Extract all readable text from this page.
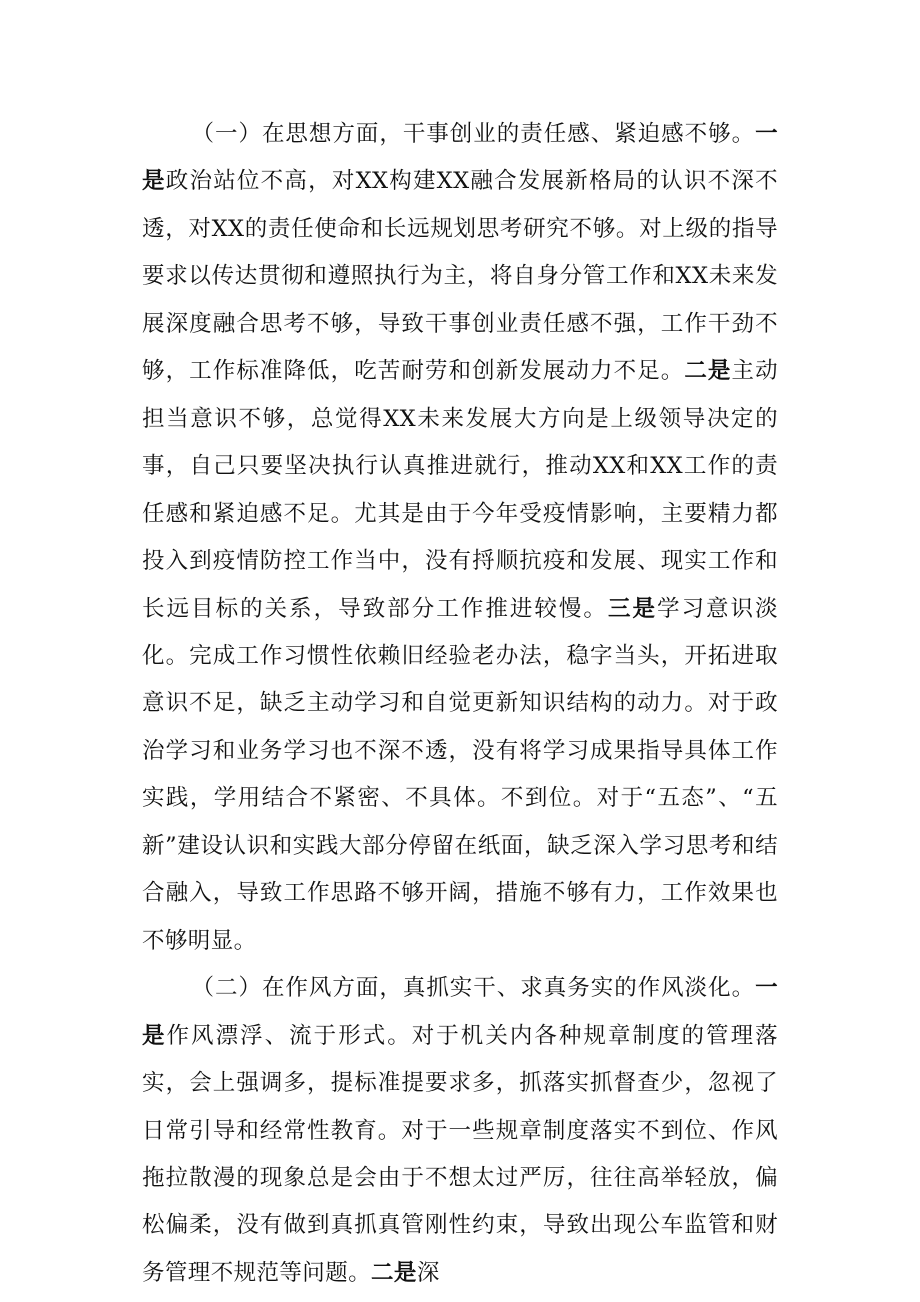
（一）在思想方面，干事创业的责任感、紧迫感不够。一是政治站位不高，对XX构建XX融合发展新格局的认识不深不透，对XX的责任使命和长远规划思考研究不够。对上级的指导要求以传达贯彻和遵照执行为主，将自身分管工作和XX未来发展深度融合思考不够，导致干事创业责任感不强，工作干劲不够，工作标准降低，吃苦耐劳和创新发展动力不足。二是主动担当意识不够，总觉得XX未来发展大方向是上级领导决定的事，自己只要坚决执行认真推进就行，推动XX和XX工作的责任感和紧迫感不足。尤其是由于今年受疫情影响，主要精力都投入到疫情防控工作当中，没有捋顺抗疫和发展、现实工作和长远目标的关系，导致部分工作推进较慢。三是学习意识淡化。完成工作习惯性依赖旧经验老办法，稳字当头，开拓进取意识不足，缺乏主动学习和自觉更新知识结构的动力。对于政治学习和业务学习也不深不透，没有将学习成果指导具体工作实践，学用结合不紧密、不具体。不到位。对于“五态”、“五新”建设认识和实践大部分停留在纸面，缺乏深入学习思考和结合融入，导致工作思路不够开阔，措施不够有力，工作效果也不够明显。

（二）在作风方面，真抓实干、求真务实的作风淡化。一是作风漂浮、流于形式。对于机关内各种规章制度的管理落实，会上强调多，提标准提要求多，抓落实抓督查少，忽视了日常引导和经常性教育。对于一些规章制度落实不到位、作风拖拉散漫的现象总是会由于不想太过严厉，往往高举轻放，偏松偏柔，没有做到真抓真管刚性约束，导致出现公车监管和财务管理不规范等问题。二是深
